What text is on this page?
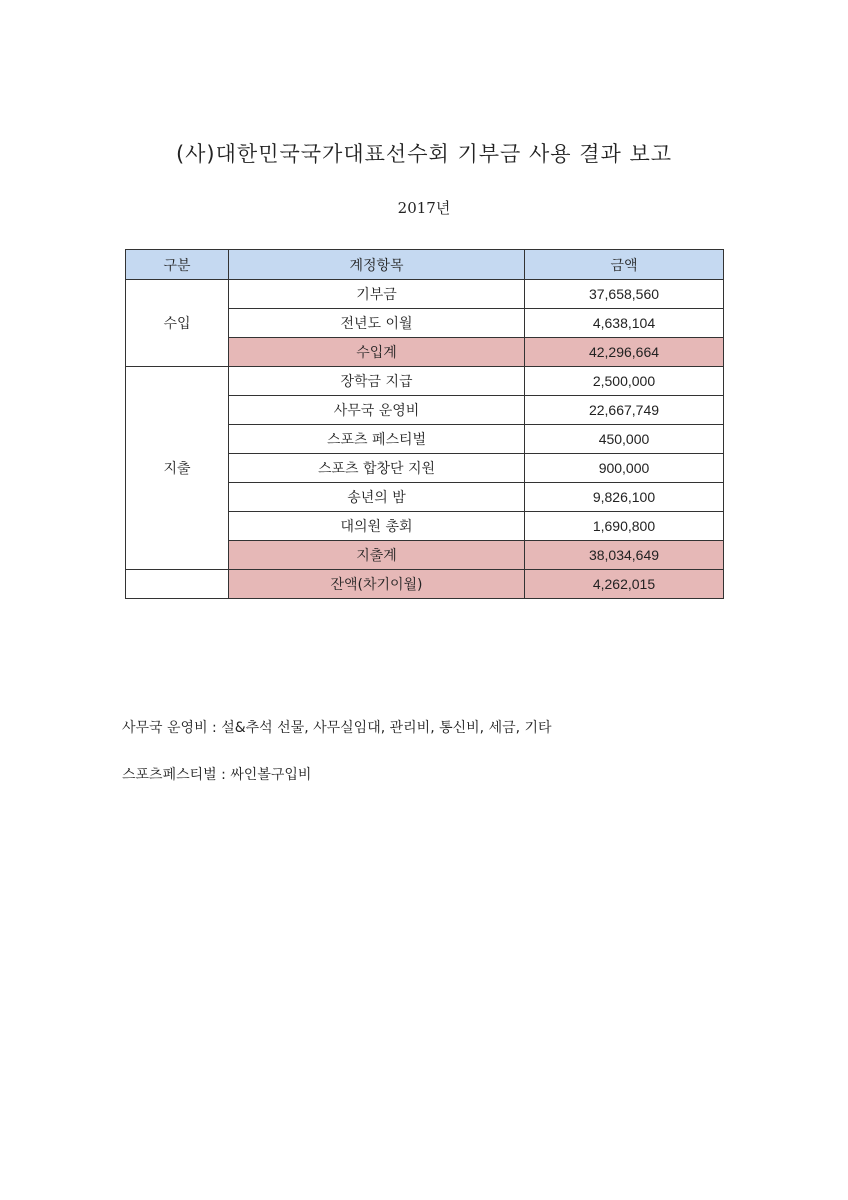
(사)대한민국국가대표선수회 기부금 사용 결과 보고
2017년
구분	계정항목	금액
수입	기부금	37,658,560
	전년도 이월	4,638,104
	수입계	42,296,664
지출	장학금 지급	2,500,000
	사무국 운영비	22,667,749
	스포츠 페스티벌	450,000
	스포츠 합창단 지원	900,000
	송년의 밤	9,826,100
	대의원 총회	1,690,800
	지출계	38,034,649
	잔액(차기이월)	4,262,015
사무국 운영비 : 설&추석 선물, 사무실임대, 관리비, 통신비, 세금, 기타
스포츠페스티벌 : 싸인볼구입비
